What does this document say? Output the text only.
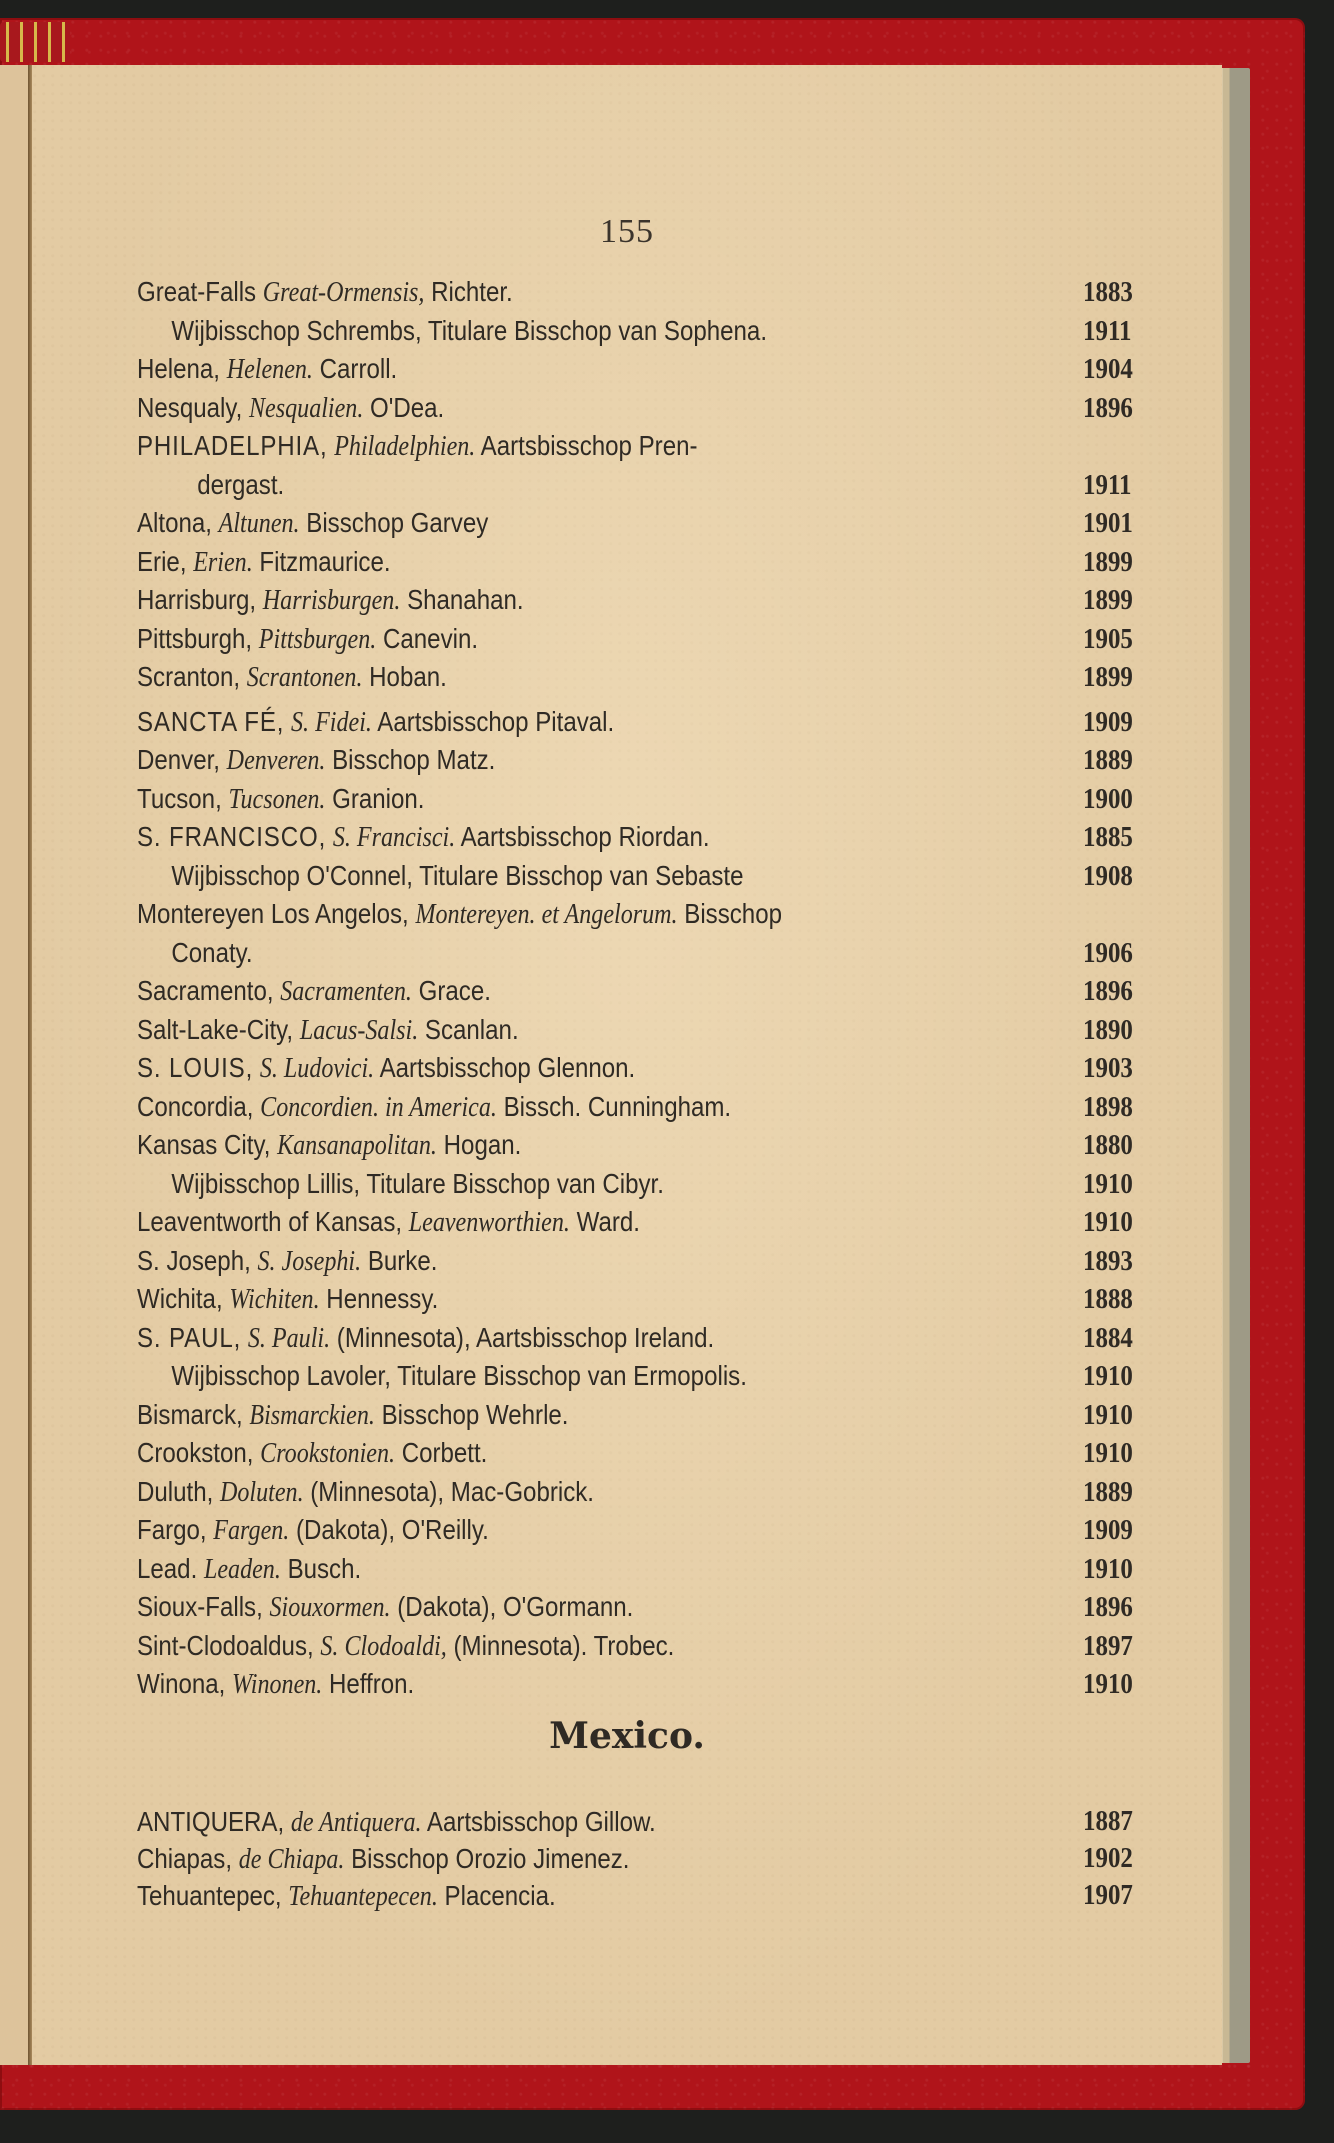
155
Great-Falls Great-Ormensis, Richter.	1883
Wijbisschop Schrembs, Titulare Bisschop van Sophena.	1911
Helena, Helenen. Carroll.	1904
Nesqualy, Nesqualien. O'Dea.	1896
PHILADELPHIA, Philadelphien. Aartsbisschop Pren-
dergast.	1911
Altona, Altunen. Bisschop Garvey	1901
Erie, Erien. Fitzmaurice.	1899
Harrisburg, Harrisburgen. Shanahan.	1899
Pittsburgh, Pittsburgen. Canevin.	1905
Scranton, Scrantonen. Hoban.	1899
SANCTA FÉ, S. Fidei. Aartsbisschop Pitaval.	1909
Denver, Denveren. Bisschop Matz.	1889
Tucson, Tucsonen. Granion.	1900
S. FRANCISCO, S. Francisci. Aartsbisschop Riordan.	1885
Wijbisschop O'Connel, Titulare Bisschop van Sebaste	1908
Montereyen Los Angelos, Montereyen. et Angelorum. Bisschop
Conaty.	1906
Sacramento, Sacramenten. Grace.	1896
Salt-Lake-City, Lacus-Salsi. Scanlan.	1890
S. LOUIS, S. Ludovici. Aartsbisschop Glennon.	1903
Concordia, Concordien. in America. Bissch. Cunningham.	1898
Kansas City, Kansanapolitan. Hogan.	1880
Wijbisschop Lillis, Titulare Bisschop van Cibyr.	1910
Leaventworth of Kansas, Leavenworthien. Ward.	1910
S. Joseph, S. Josephi. Burke.	1893
Wichita, Wichiten. Hennessy.	1888
S. PAUL, S. Pauli. (Minnesota), Aartsbisschop Ireland.	1884
Wijbisschop Lavoler, Titulare Bisschop van Ermopolis.	1910
Bismarck, Bismarckien. Bisschop Wehrle.	1910
Crookston, Crookstonien. Corbett.	1910
Duluth, Doluten. (Minnesota), Mac-Gobrick.	1889
Fargo, Fargen. (Dakota), O'Reilly.	1909
Lead. Leaden. Busch.	1910
Sioux-Falls, Siouxormen. (Dakota), O'Gormann.	1896
Sint-Clodoaldus, S. Clodoaldi, (Minnesota). Trobec.	1897
Winona, Winonen. Heffron.	1910
Mexico.
ANTIQUERA, de Antiquera. Aartsbisschop Gillow.	1887
Chiapas, de Chiapa. Bisschop Orozio Jimenez.	1902
Tehuantepec, Tehuantepecen. Placencia.	1907
